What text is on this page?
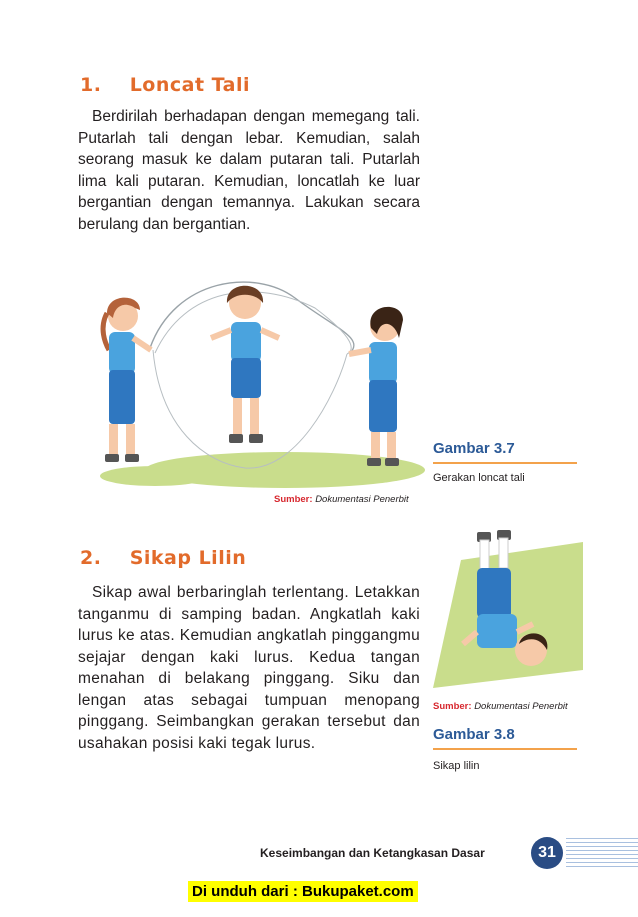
1. Loncat Tali
Berdirilah berhadapan dengan memegang tali. Putarlah tali dengan lebar. Kemudian, salah seorang masuk ke dalam putaran tali. Putarlah lima kali putaran. Kemudian, loncatlah ke luar bergantian dengan temannya. Lakukan secara berulang dan bergantian.
Gambar 3.7
Gerakan loncat tali
Sumber: Dokumentasi Penerbit
2. Sikap Lilin
Sikap awal berbaringlah terlentang. Letakkan tanganmu di samping badan. Angkatlah kaki lurus ke atas. Kemudian angkatlah pinggangmu sejajar dengan kaki lurus. Kedua tangan menahan di belakang pinggang. Siku dan lengan atas sebagai tumpuan menopang pinggang. Seimbangkan gerakan tersebut dan usahakan posisi kaki tegak lurus.
Sumber: Dokumentasi Penerbit
Gambar 3.8
Sikap lilin
Keseimbangan dan Ketangkasan Dasar	31
Di unduh dari : Bukupaket.com
